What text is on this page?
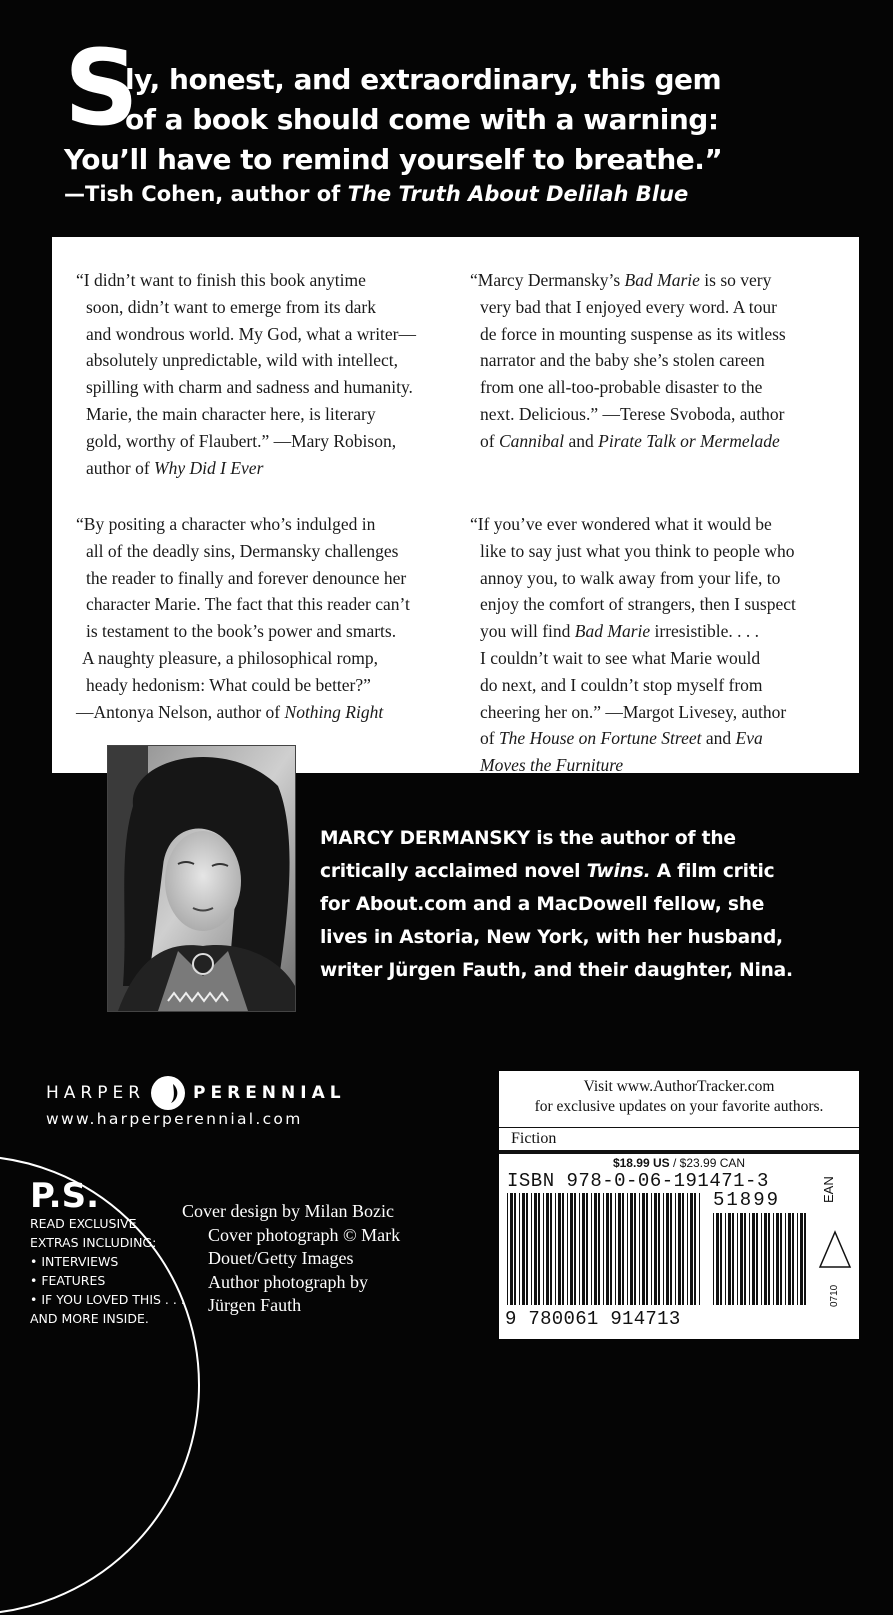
S
ly, honest, and extraordinary, this gem
of a book should come with a warning:
You’ll have to remind yourself to breathe.”
—Tish Cohen, author of The Truth About Delilah Blue
“I didn’t want to finish this book anytime
soon, didn’t want to emerge from its dark
and wondrous world. My God, what a writer—
absolutely unpredictable, wild with intellect,
spilling with charm and sadness and humanity.
Marie, the main character here, is literary
gold, worthy of Flaubert.” —Mary Robison,
author of Why Did I Ever
“By positing a character who’s indulged in
all of the deadly sins, Dermansky challenges
the reader to finally and forever denounce her
character Marie. The fact that this reader can’t
is testament to the book’s power and smarts.
A naughty pleasure, a philosophical romp,
heady hedonism: What could be better?”
—Antonya Nelson, author of Nothing Right
“Marcy Dermansky’s Bad Marie is so very
very bad that I enjoyed every word. A tour
de force in mounting suspense as its witless
narrator and the baby she’s stolen careen
from one all-too-probable disaster to the
next. Delicious.” —Terese Svoboda, author
of Cannibal and Pirate Talk or Mermelade
“If you’ve ever wondered what it would be
like to say just what you think to people who
annoy you, to walk away from your life, to
enjoy the comfort of strangers, then I suspect
you will find Bad Marie irresistible. . . .
I couldn’t wait to see what Marie would
do next, and I couldn’t stop myself from
cheering her on.” —Margot Livesey, author
of The House on Fortune Street and Eva
Moves the Furniture
MARCY DERMANSKY is the author of the
critically acclaimed novel Twins. A film critic
for About.com and a MacDowell fellow, she
lives in Astoria, New York, with her husband,
writer Jürgen Fauth, and their daughter, Nina.
HARPER	PERENNIAL
www.harperperennial.com
P.S.
READ EXCLUSIVE
EXTRAS INCLUDING:
• INTERVIEWS
• FEATURES
• IF YOU LOVED THIS . . .
AND MORE INSIDE.
Cover design by Milan Bozic
Cover photograph © Mark
Douet/Getty Images
Author photograph by
Jürgen Fauth
Visit www.AuthorTracker.com
for exclusive updates on your favorite authors.
Fiction
$18.99 US / $23.99 CAN
ISBN 978-0-06-191471-3
51899	EAN
0710
9 780061 914713
